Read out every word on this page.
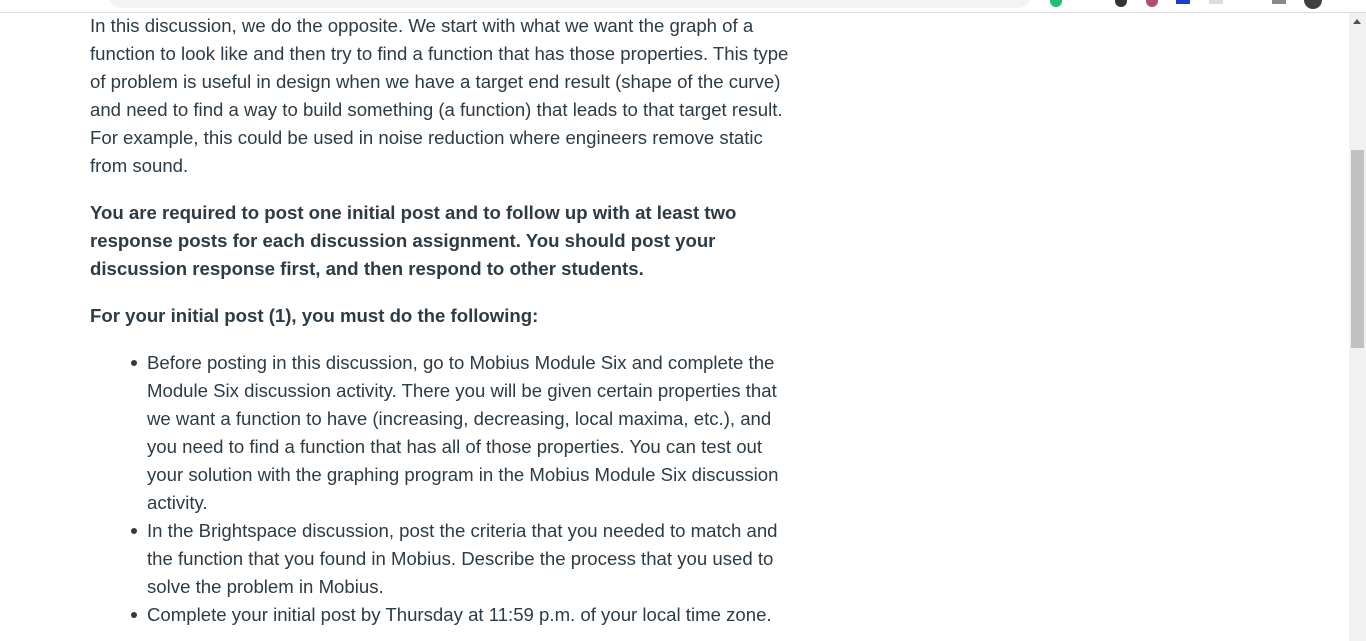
In this discussion, we do the opposite. We start with what we want the graph of a function to look like and then try to find a function that has those properties. This type of problem is useful in design when we have a target end result (shape of the curve) and need to find a way to build something (a function) that leads to that target result. For example, this could be used in noise reduction where engineers remove static from sound.

You are required to post one initial post and to follow up with at least two response posts for each discussion assignment. You should post your discussion response first, and then respond to other students.

For your initial post (1), you must do the following:

Before posting in this discussion, go to Mobius Module Six and complete the Module Six discussion activity. There you will be given certain properties that we want a function to have (increasing, decreasing, local maxima, etc.), and you need to find a function that has all of those properties. You can test out your solution with the graphing program in the Mobius Module Six discussion activity.
In the Brightspace discussion, post the criteria that you needed to match and the function that you found in Mobius. Describe the process that you used to solve the problem in Mobius.
Complete your initial post by Thursday at 11:59 p.m. of your local time zone.
